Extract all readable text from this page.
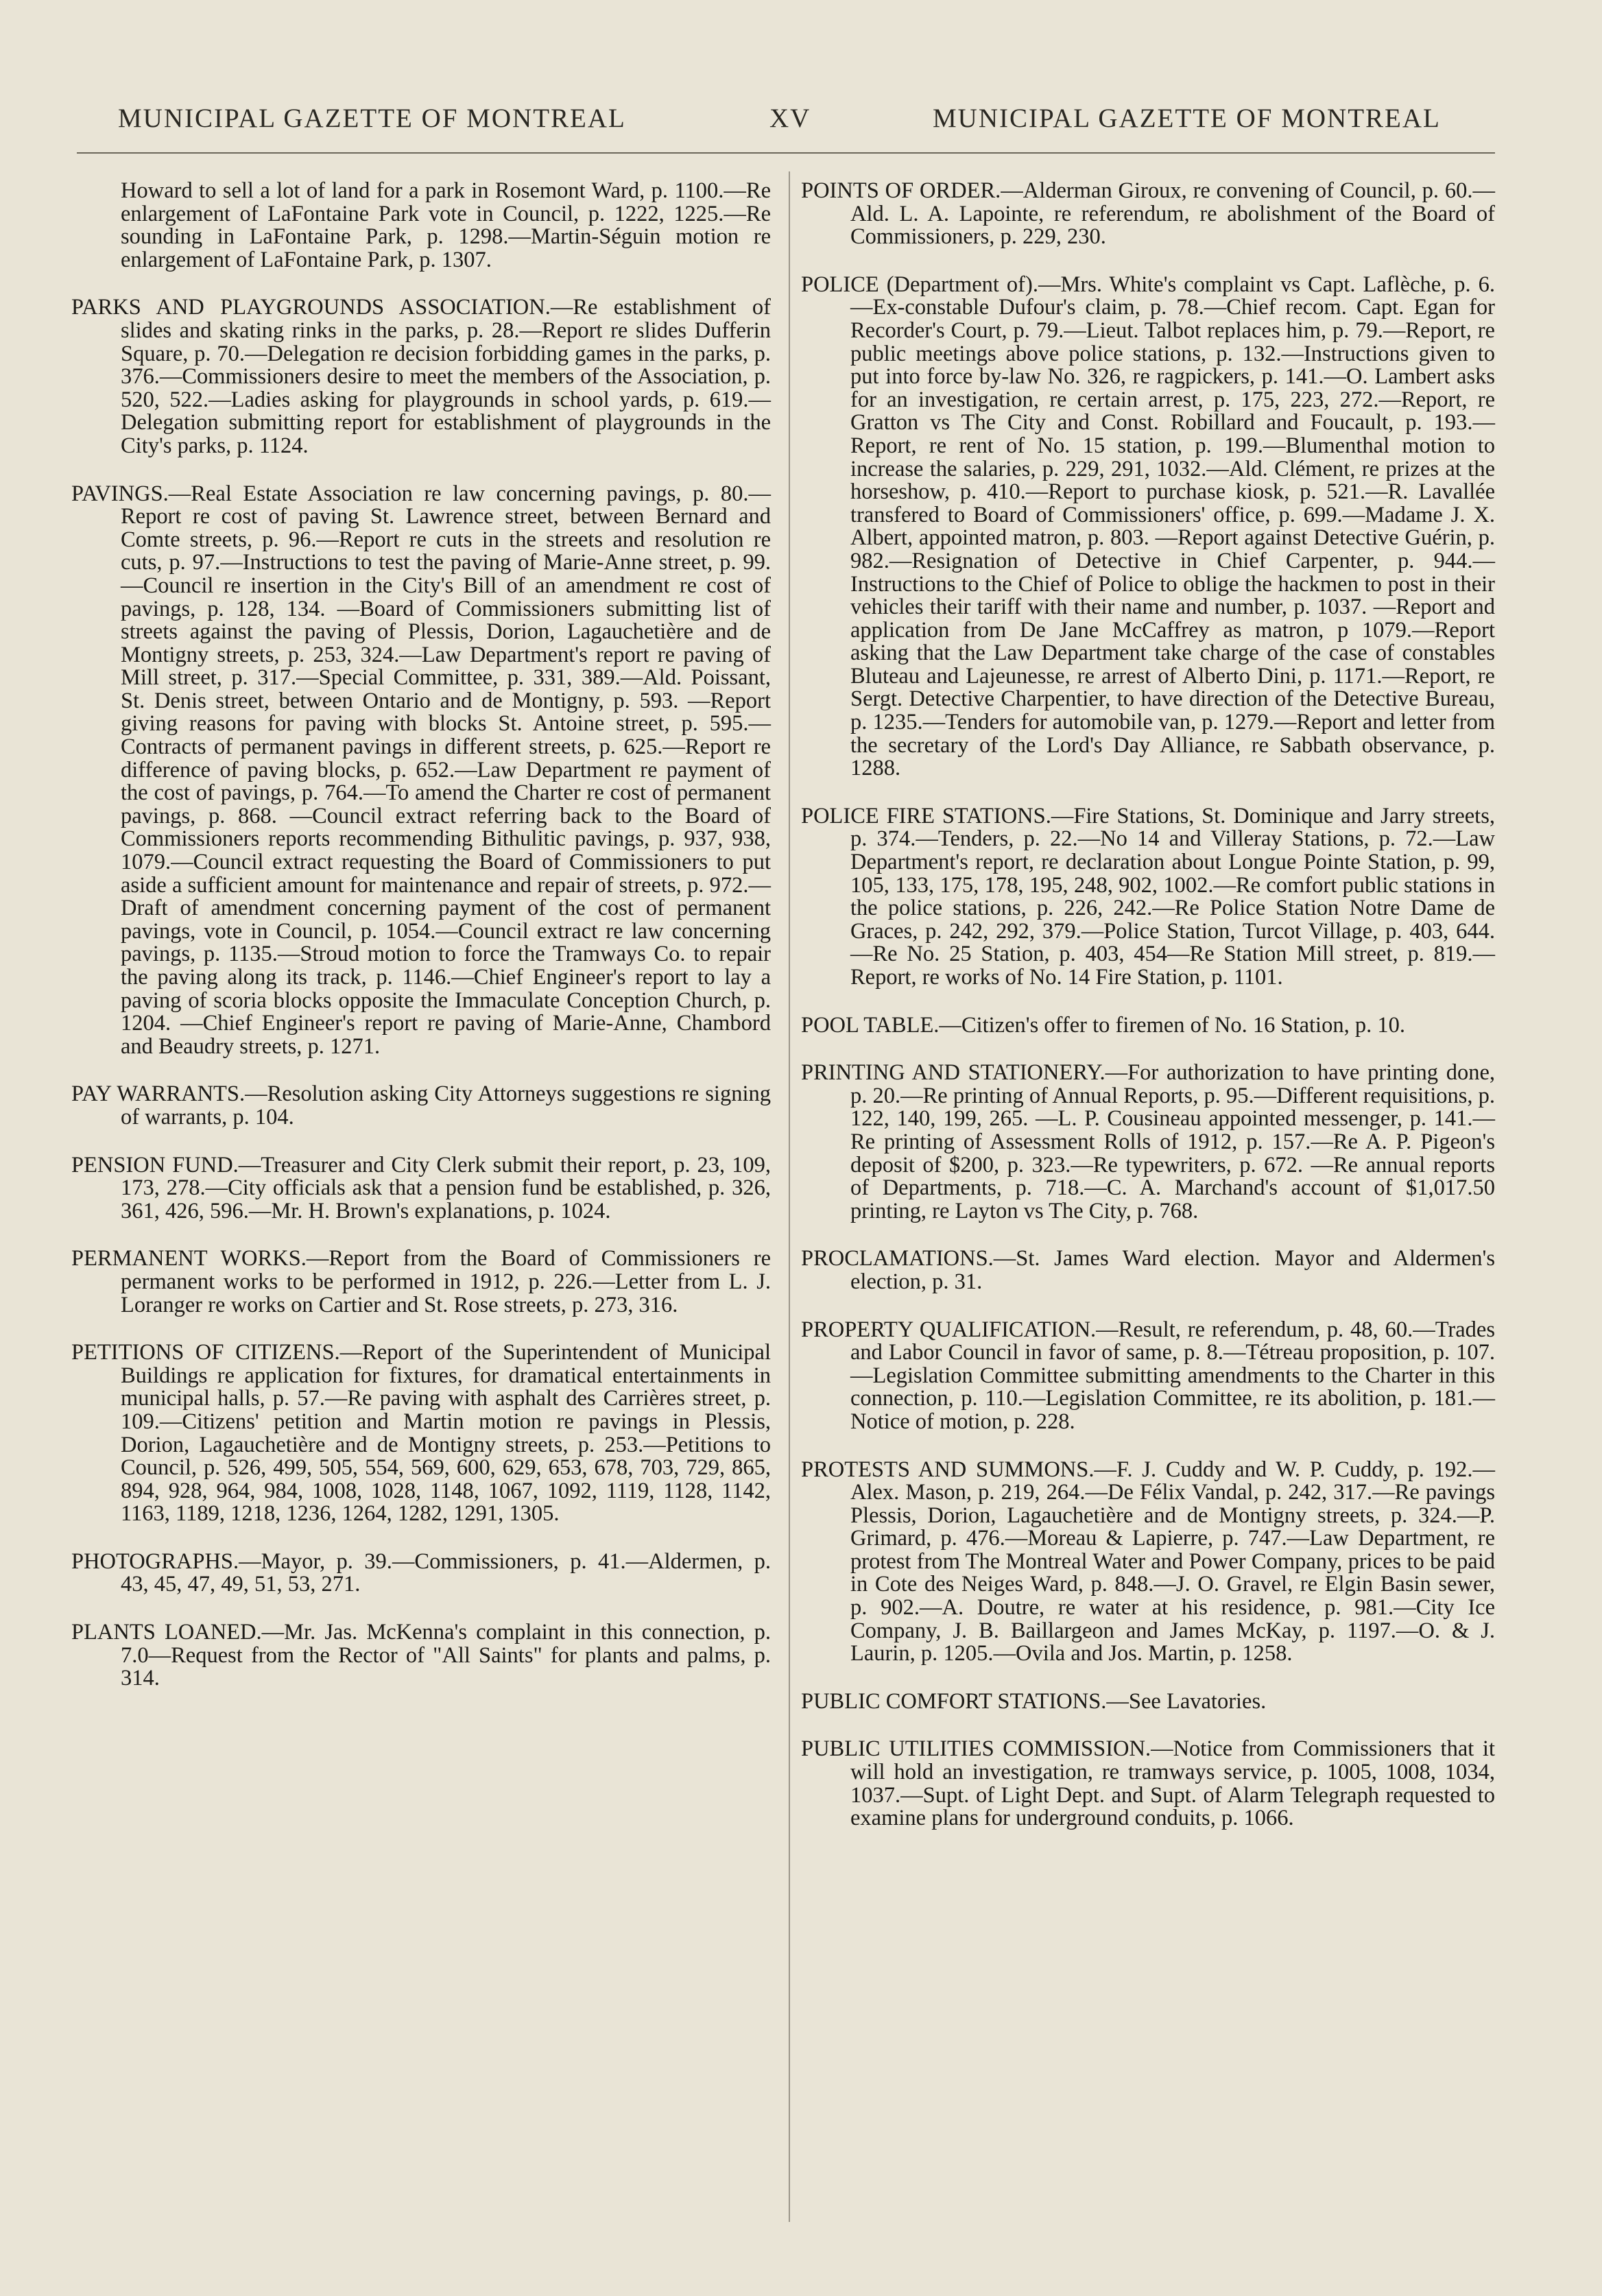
MUNICIPAL GAZETTE OF MONTREAL	XV	MUNICIPAL GAZETTE OF MONTREAL

Howard to sell a lot of land for a park in Rosemont Ward, p. 1100.—Re enlargement of LaFontaine Park vote in Council, p. 1222, 1225.—Re sounding in LaFontaine Park, p. 1298.—Martin-Séguin motion re enlargement of LaFontaine Park, p. 1307.

PARKS AND PLAYGROUNDS ASSOCIATION.—Re establishment of slides and skating rinks in the parks, p. 28.—Report re slides Dufferin Square, p. 70.—Delegation re decision forbidding games in the parks, p. 376.—Commissioners desire to meet the members of the Association, p. 520, 522.—Ladies asking for playgrounds in school yards, p. 619.—Delegation submitting report for establishment of playgrounds in the City's parks, p. 1124.

PAVINGS.—Real Estate Association re law concerning pavings, p. 80.—Report re cost of paving St. Lawrence street, between Bernard and Comte streets, p. 96.—Report re cuts in the streets and resolution re cuts, p. 97.—Instructions to test the paving of Marie-Anne street, p. 99.—Council re insertion in the City's Bill of an amendment re cost of pavings, p. 128, 134. —Board of Commissioners submitting list of streets against the paving of Plessis, Dorion, Lagauchetière and de Montigny streets, p. 253, 324.—Law Department's report re paving of Mill street, p. 317.—Special Committee, p. 331, 389.—Ald. Poissant, St. Denis street, between Ontario and de Montigny, p. 593. —Report giving reasons for paving with blocks St. Antoine street, p. 595.—Contracts of permanent pavings in different streets, p. 625.—Report re difference of paving blocks, p. 652.—Law Department re payment of the cost of pavings, p. 764.—To amend the Charter re cost of permanent pavings, p. 868. —Council extract referring back to the Board of Commissioners reports recommending Bithulitic pavings, p. 937, 938, 1079.—Council extract requesting the Board of Commissioners to put aside a sufficient amount for maintenance and repair of streets, p. 972.—Draft of amendment concerning payment of the cost of permanent pavings, vote in Council, p. 1054.—Council extract re law concerning pavings, p. 1135.—Stroud motion to force the Tramways Co. to repair the paving along its track, p. 1146.—Chief Engineer's report to lay a paving of scoria blocks opposite the Immaculate Conception Church, p. 1204. —Chief Engineer's report re paving of Marie-Anne, Chambord and Beaudry streets, p. 1271.

PAY WARRANTS.—Resolution asking City Attorneys suggestions re signing of warrants, p. 104.

PENSION FUND.—Treasurer and City Clerk submit their report, p. 23, 109, 173, 278.—City officials ask that a pension fund be established, p. 326, 361, 426, 596.—Mr. H. Brown's explanations, p. 1024.

PERMANENT WORKS.—Report from the Board of Commissioners re permanent works to be performed in 1912, p. 226.—Letter from L. J. Loranger re works on Cartier and St. Rose streets, p. 273, 316.

PETITIONS OF CITIZENS.—Report of the Superintendent of Municipal Buildings re application for fixtures, for dramatical entertainments in municipal halls, p. 57.—Re paving with asphalt des Carrières street, p. 109.—Citizens' petition and Martin motion re pavings in Plessis, Dorion, Lagauchetière and de Montigny streets, p. 253.—Petitions to Council, p. 526, 499, 505, 554, 569, 600, 629, 653, 678, 703, 729, 865, 894, 928, 964, 984, 1008, 1028, 1148, 1067, 1092, 1119, 1128, 1142, 1163, 1189, 1218, 1236, 1264, 1282, 1291, 1305.

PHOTOGRAPHS.—Mayor, p. 39.—Commissioners, p. 41.—Aldermen, p. 43, 45, 47, 49, 51, 53, 271.

PLANTS LOANED.—Mr. Jas. McKenna's complaint in this connection, p. 7.0—Request from the Rector of "All Saints" for plants and palms, p. 314.

POINTS OF ORDER.—Alderman Giroux, re convening of Council, p. 60.—Ald. L. A. Lapointe, re referendum, re abolishment of the Board of Commissioners, p. 229, 230.

POLICE (Department of).—Mrs. White's complaint vs Capt. Laflèche, p. 6.—Ex-constable Dufour's claim, p. 78.—Chief recom. Capt. Egan for Recorder's Court, p. 79.—Lieut. Talbot replaces him, p. 79.—Report, re public meetings above police stations, p. 132.—Instructions given to put into force by-law No. 326, re ragpickers, p. 141.—O. Lambert asks for an investigation, re certain arrest, p. 175, 223, 272.—Report, re Gratton vs The City and Const. Robillard and Foucault, p. 193.—Report, re rent of No. 15 station, p. 199.—Blumenthal motion to increase the salaries, p. 229, 291, 1032.—Ald. Clément, re prizes at the horseshow, p. 410.—Report to purchase kiosk, p. 521.—R. Lavallée transfered to Board of Commissioners' office, p. 699.—Madame J. X. Albert, appointed matron, p. 803. —Report against Detective Guérin, p. 982.—Resignation of Detective in Chief Carpenter, p. 944.—Instructions to the Chief of Police to oblige the hackmen to post in their vehicles their tariff with their name and number, p. 1037. —Report and application from De Jane McCaffrey as matron, p 1079.—Report asking that the Law Department take charge of the case of constables Bluteau and Lajeunesse, re arrest of Alberto Dini, p. 1171.—Report, re Sergt. Detective Charpentier, to have direction of the Detective Bureau, p. 1235.—Tenders for automobile van, p. 1279.—Report and letter from the secretary of the Lord's Day Alliance, re Sabbath observance, p. 1288.

POLICE FIRE STATIONS.—Fire Stations, St. Dominique and Jarry streets, p. 374.—Tenders, p. 22.—No 14 and Villeray Stations, p. 72.—Law Department's report, re declaration about Longue Pointe Station, p. 99, 105, 133, 175, 178, 195, 248, 902, 1002.—Re comfort public stations in the police stations, p. 226, 242.—Re Police Station Notre Dame de Graces, p. 242, 292, 379.—Police Station, Turcot Village, p. 403, 644.—Re No. 25 Station, p. 403, 454—Re Station Mill street, p. 819.—Report, re works of No. 14 Fire Station, p. 1101.

POOL TABLE.—Citizen's offer to firemen of No. 16 Station, p. 10.

PRINTING AND STATIONERY.—For authorization to have printing done, p. 20.—Re printing of Annual Reports, p. 95.—Different requisitions, p. 122, 140, 199, 265. —L. P. Cousineau appointed messenger, p. 141.—Re printing of Assessment Rolls of 1912, p. 157.—Re A. P. Pigeon's deposit of $200, p. 323.—Re typewriters, p. 672. —Re annual reports of Departments, p. 718.—C. A. Marchand's account of $1,017.50 printing, re Layton vs The City, p. 768.

PROCLAMATIONS.—St. James Ward election. Mayor and Aldermen's election, p. 31.

PROPERTY QUALIFICATION.—Result, re referendum, p. 48, 60.—Trades and Labor Council in favor of same, p. 8.—Tétreau proposition, p. 107.—Legislation Committee submitting amendments to the Charter in this connection, p. 110.—Legislation Committee, re its abolition, p. 181.—Notice of motion, p. 228.

PROTESTS AND SUMMONS.—F. J. Cuddy and W. P. Cuddy, p. 192.—Alex. Mason, p. 219, 264.—De Félix Vandal, p. 242, 317.—Re pavings Plessis, Dorion, Lagauchetière and de Montigny streets, p. 324.—P. Grimard, p. 476.—Moreau & Lapierre, p. 747.—Law Department, re protest from The Montreal Water and Power Company, prices to be paid in Cote des Neiges Ward, p. 848.—J. O. Gravel, re Elgin Basin sewer, p. 902.—A. Doutre, re water at his residence, p. 981.—City Ice Company, J. B. Baillargeon and James McKay, p. 1197.—O. & J. Laurin, p. 1205.—Ovila and Jos. Martin, p. 1258.

PUBLIC COMFORT STATIONS.—See Lavatories.

PUBLIC UTILITIES COMMISSION.—Notice from Commissioners that it will hold an investigation, re tramways service, p. 1005, 1008, 1034, 1037.—Supt. of Light Dept. and Supt. of Alarm Telegraph requested to examine plans for underground conduits, p. 1066.
